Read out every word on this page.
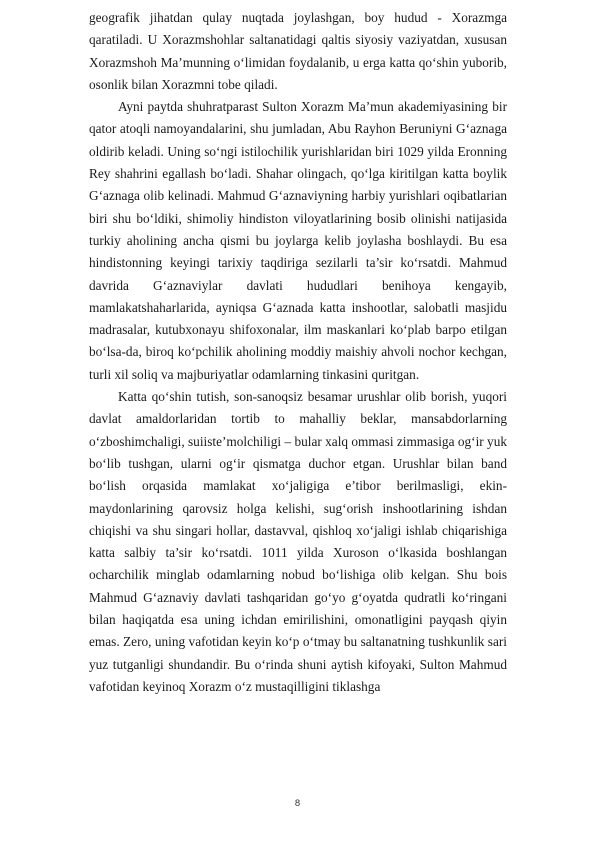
geografik jihatdan qulay nuqtada joylashgan, boy hudud - Xorazmga qaratiladi. U Xorazmshohlar saltanatidagi qaltis siyosiy vaziyatdan, xususan Xorazmshoh Ma’munning o‘limidan foydalanib, u erga katta qo‘shin yuborib, osonlik bilan Xorazmni tobe qiladi.

Ayni paytda shuhratparast Sulton Xorazm Ma’mun akademiyasining bir qator atoqli namoyandalarini, shu jumladan, Abu Rayhon Beruniyni G‘aznaga oldirib keladi. Uning so‘ngi istilochilik yurishlaridan biri 1029 yilda Eronning Rey shahrini egallash bo‘ladi. Shahar olingach, qo‘lga kiritilgan katta boylik G‘aznaga olib kelinadi. Mahmud G‘aznaviyning harbiy yurishlari oqibatlarian biri shu bo‘ldiki, shimoliy hindiston viloyatlarining bosib olinishi natijasida turkiy aholining ancha qismi bu joylarga kelib joylasha boshlaydi. Bu esa hindistonning keyingi tarixiy taqdiriga sezilarli ta’sir ko‘rsatdi. Mahmud davrida G‘aznaviylar davlati hududlari benihoya kengayib, mamlakatshaharlarida, ayniqsa G‘aznada katta inshootlar, salobatli masjidu madrasalar, kutubxonayu shifoxonalar, ilm maskanlari ko‘plab barpo etilgan bo‘lsa-da, biroq ko‘pchilik aholining moddiy maishiy ahvoli nochor kechgan, turli xil soliq va majburiyatlar odamlarning tinkasini quritgan.

Katta qo‘shin tutish, son-sanoqsiz besamar urushlar olib borish, yuqori davlat amaldorlaridan tortib to mahalliy beklar, mansabdorlarning o‘zboshimchaligi, suiiste’molchiligi – bular xalq ommasi zimmasiga og‘ir yuk bo‘lib tushgan, ularni og‘ir qismatga duchor etgan. Urushlar bilan band bo‘lish orqasida mamlakat xo‘jaligiga e’tibor berilmasligi, ekin- maydonlarining qarovsiz holga kelishi, sug‘orish inshootlarining ishdan chiqishi va shu singari hollar, dastavval, qishloq xo‘jaligi ishlab chiqarishiga katta salbiy ta’sir ko‘rsatdi. 1011 yilda Xuroson o‘lkasida boshlangan ocharchilik minglab odamlarning nobud bo‘lishiga olib kelgan. Shu bois Mahmud G‘aznaviy davlati tashqaridan go‘yo g‘oyatda qudratli ko‘ringani bilan haqiqatda esa uning ichdan emirilishini, omonatligini payqash qiyin emas. Zero, uning vafotidan keyin ko‘p o‘tmay bu saltanatning tushkunlik sari yuz tutganligi shundandir. Bu o‘rinda shuni aytish kifoyaki, Sulton Mahmud vafotidan keyinoq Xorazm o‘z mustaqilligini tiklashga

8
